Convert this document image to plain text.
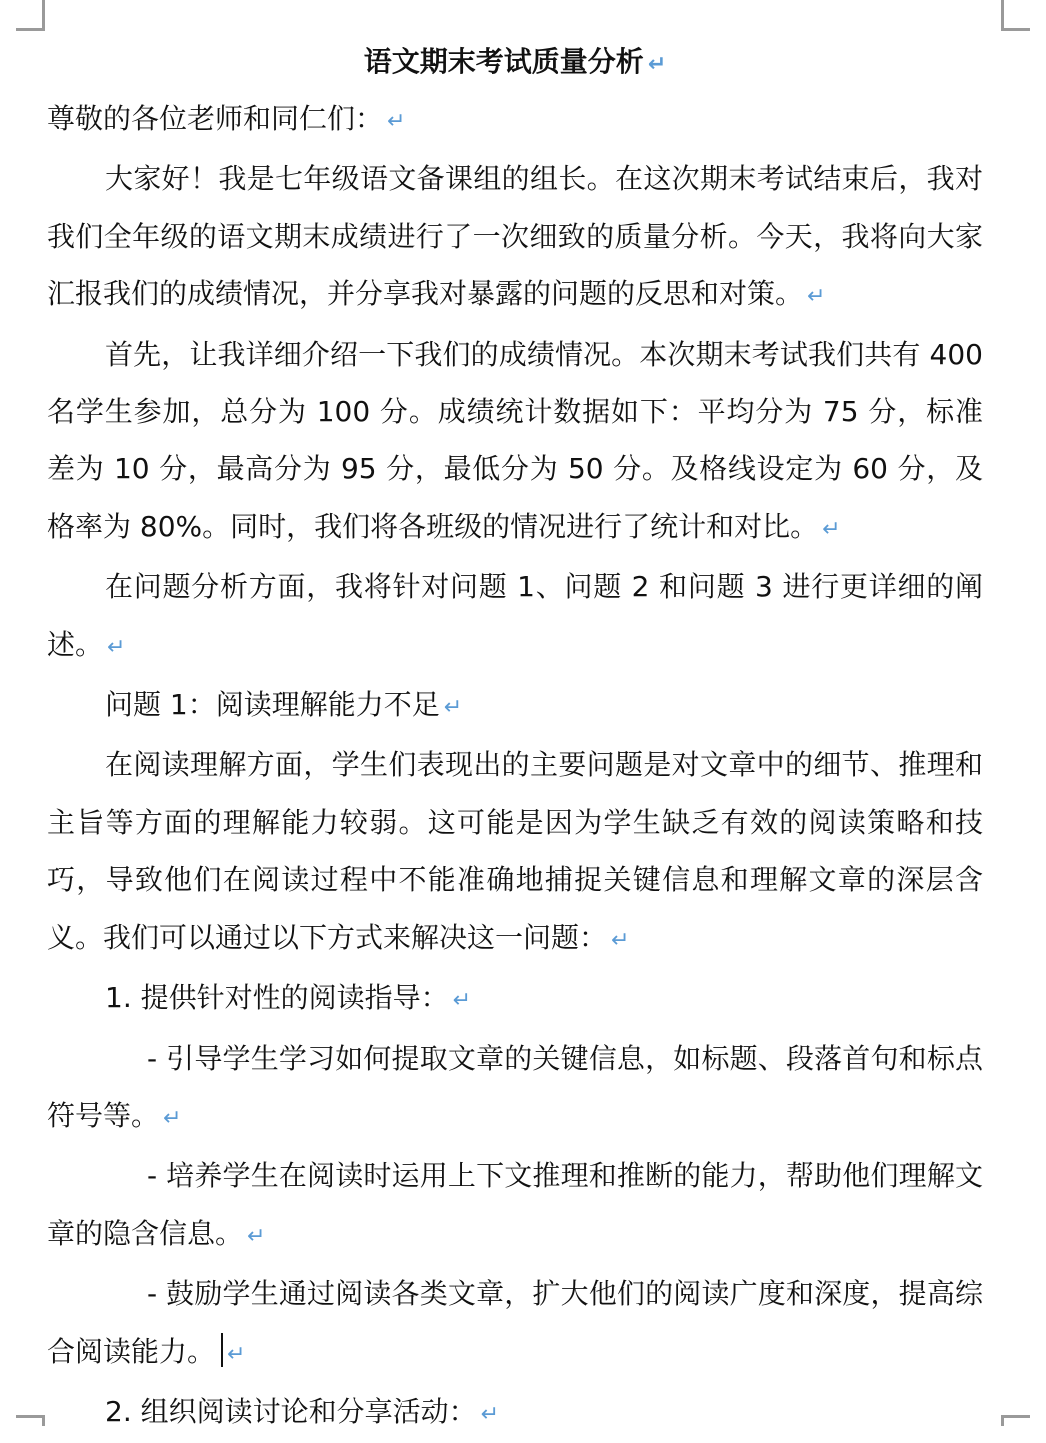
语文期末考试质量分析 ↵

尊敬的各位老师和同仁们： ↵

大家好！我是七年级语文备课组的组长。在这次期末考试结束后，我对我们全年级的语文期末成绩进行了一次细致的质量分析。今天，我将向大家汇报我们的成绩情况，并分享我对暴露的问题的反思和对策。 ↵

首先，让我详细介绍一下我们的成绩情况。本次期末考试我们共有 400 名学生参加，总分为 100 分。成绩统计数据如下：平均分为 75 分，标准差为 10 分，最高分为 95 分，最低分为 50 分。及格线设定为 60 分，及格率为 80%。同时，我们将各班级的情况进行了统计和对比。 ↵

在问题分析方面，我将针对问题 1、问题 2 和问题 3 进行更详细的阐述。 ↵

问题 1：阅读理解能力不足 ↵

在阅读理解方面，学生们表现出的主要问题是对文章中的细节、推理和主旨等方面的理解能力较弱。这可能是因为学生缺乏有效的阅读策略和技巧，导致他们在阅读过程中不能准确地捕捉关键信息和理解文章的深层含义。我们可以通过以下方式来解决这一问题： ↵

1. 提供针对性的阅读指导： ↵

- 引导学生学习如何提取文章的关键信息，如标题、段落首句和标点符号等。 ↵

- 培养学生在阅读时运用上下文推理和推断的能力，帮助他们理解文章的隐含信息。 ↵

- 鼓励学生通过阅读各类文章，扩大他们的阅读广度和深度，提高综合阅读能力。 ↵

2. 组织阅读讨论和分享活动： ↵
